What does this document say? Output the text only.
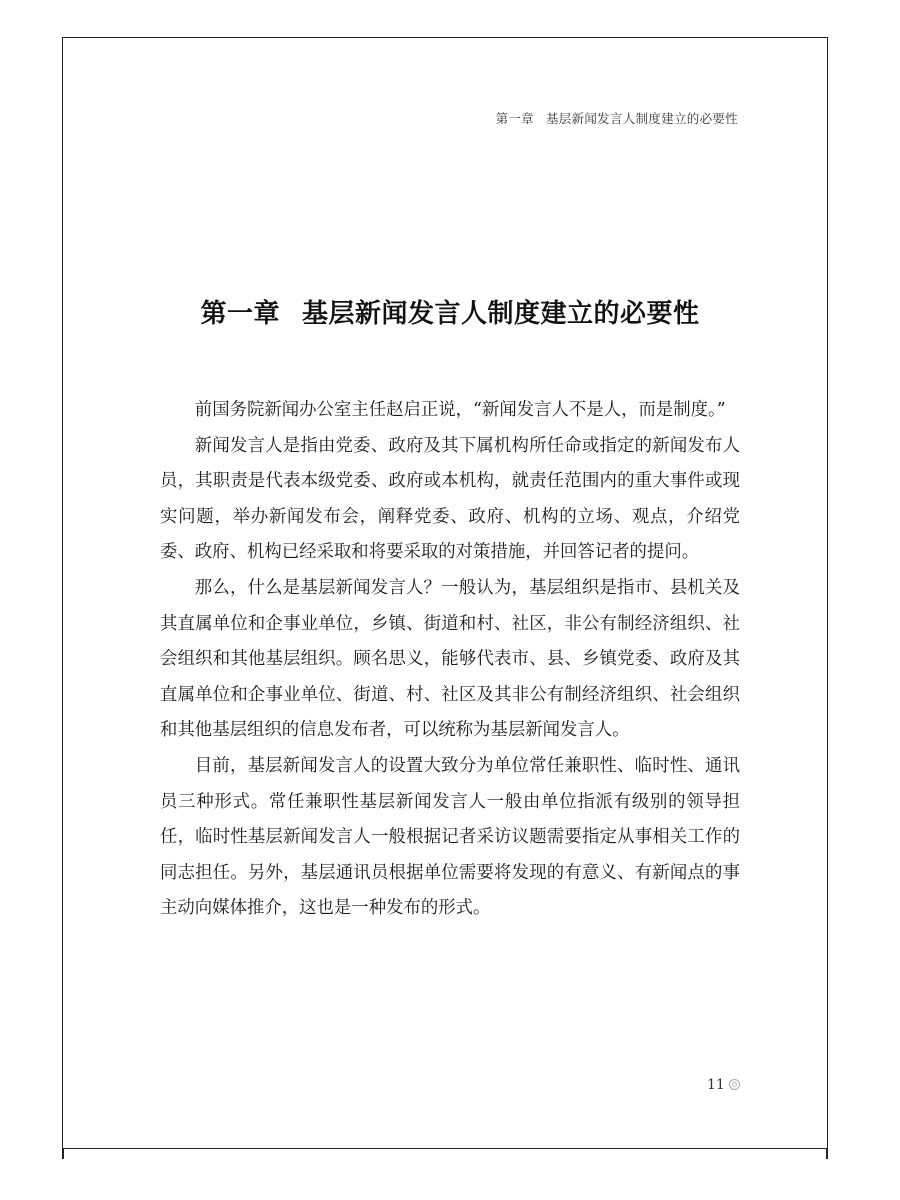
第一章 基层新闻发言人制度建立的必要性
第一章 基层新闻发言人制度建立的必要性

前国务院新闻办公室主任赵启正说，“新闻发言人不是人，而是制度。”

新闻发言人是指由党委、政府及其下属机构所任命或指定的新闻发布人员，其职责是代表本级党委、政府或本机构，就责任范围内的重大事件或现实问题，举办新闻发布会，阐释党委、政府、机构的立场、观点，介绍党委、政府、机构已经采取和将要采取的对策措施，并回答记者的提问。

那么，什么是基层新闻发言人？一般认为，基层组织是指市、县机关及其直属单位和企事业单位，乡镇、街道和村、社区，非公有制经济组织、社会组织和其他基层组织。顾名思义，能够代表市、县、乡镇党委、政府及其直属单位和企事业单位、街道、村、社区及其非公有制经济组织、社会组织和其他基层组织的信息发布者，可以统称为基层新闻发言人。

目前，基层新闻发言人的设置大致分为单位常任兼职性、临时性、通讯员三种形式。常任兼职性基层新闻发言人一般由单位指派有级别的领导担任，临时性基层新闻发言人一般根据记者采访议题需要指定从事相关工作的同志担任。另外，基层通讯员根据单位需要将发现的有意义、有新闻点的事主动向媒体推介，这也是一种发布的形式。

11
